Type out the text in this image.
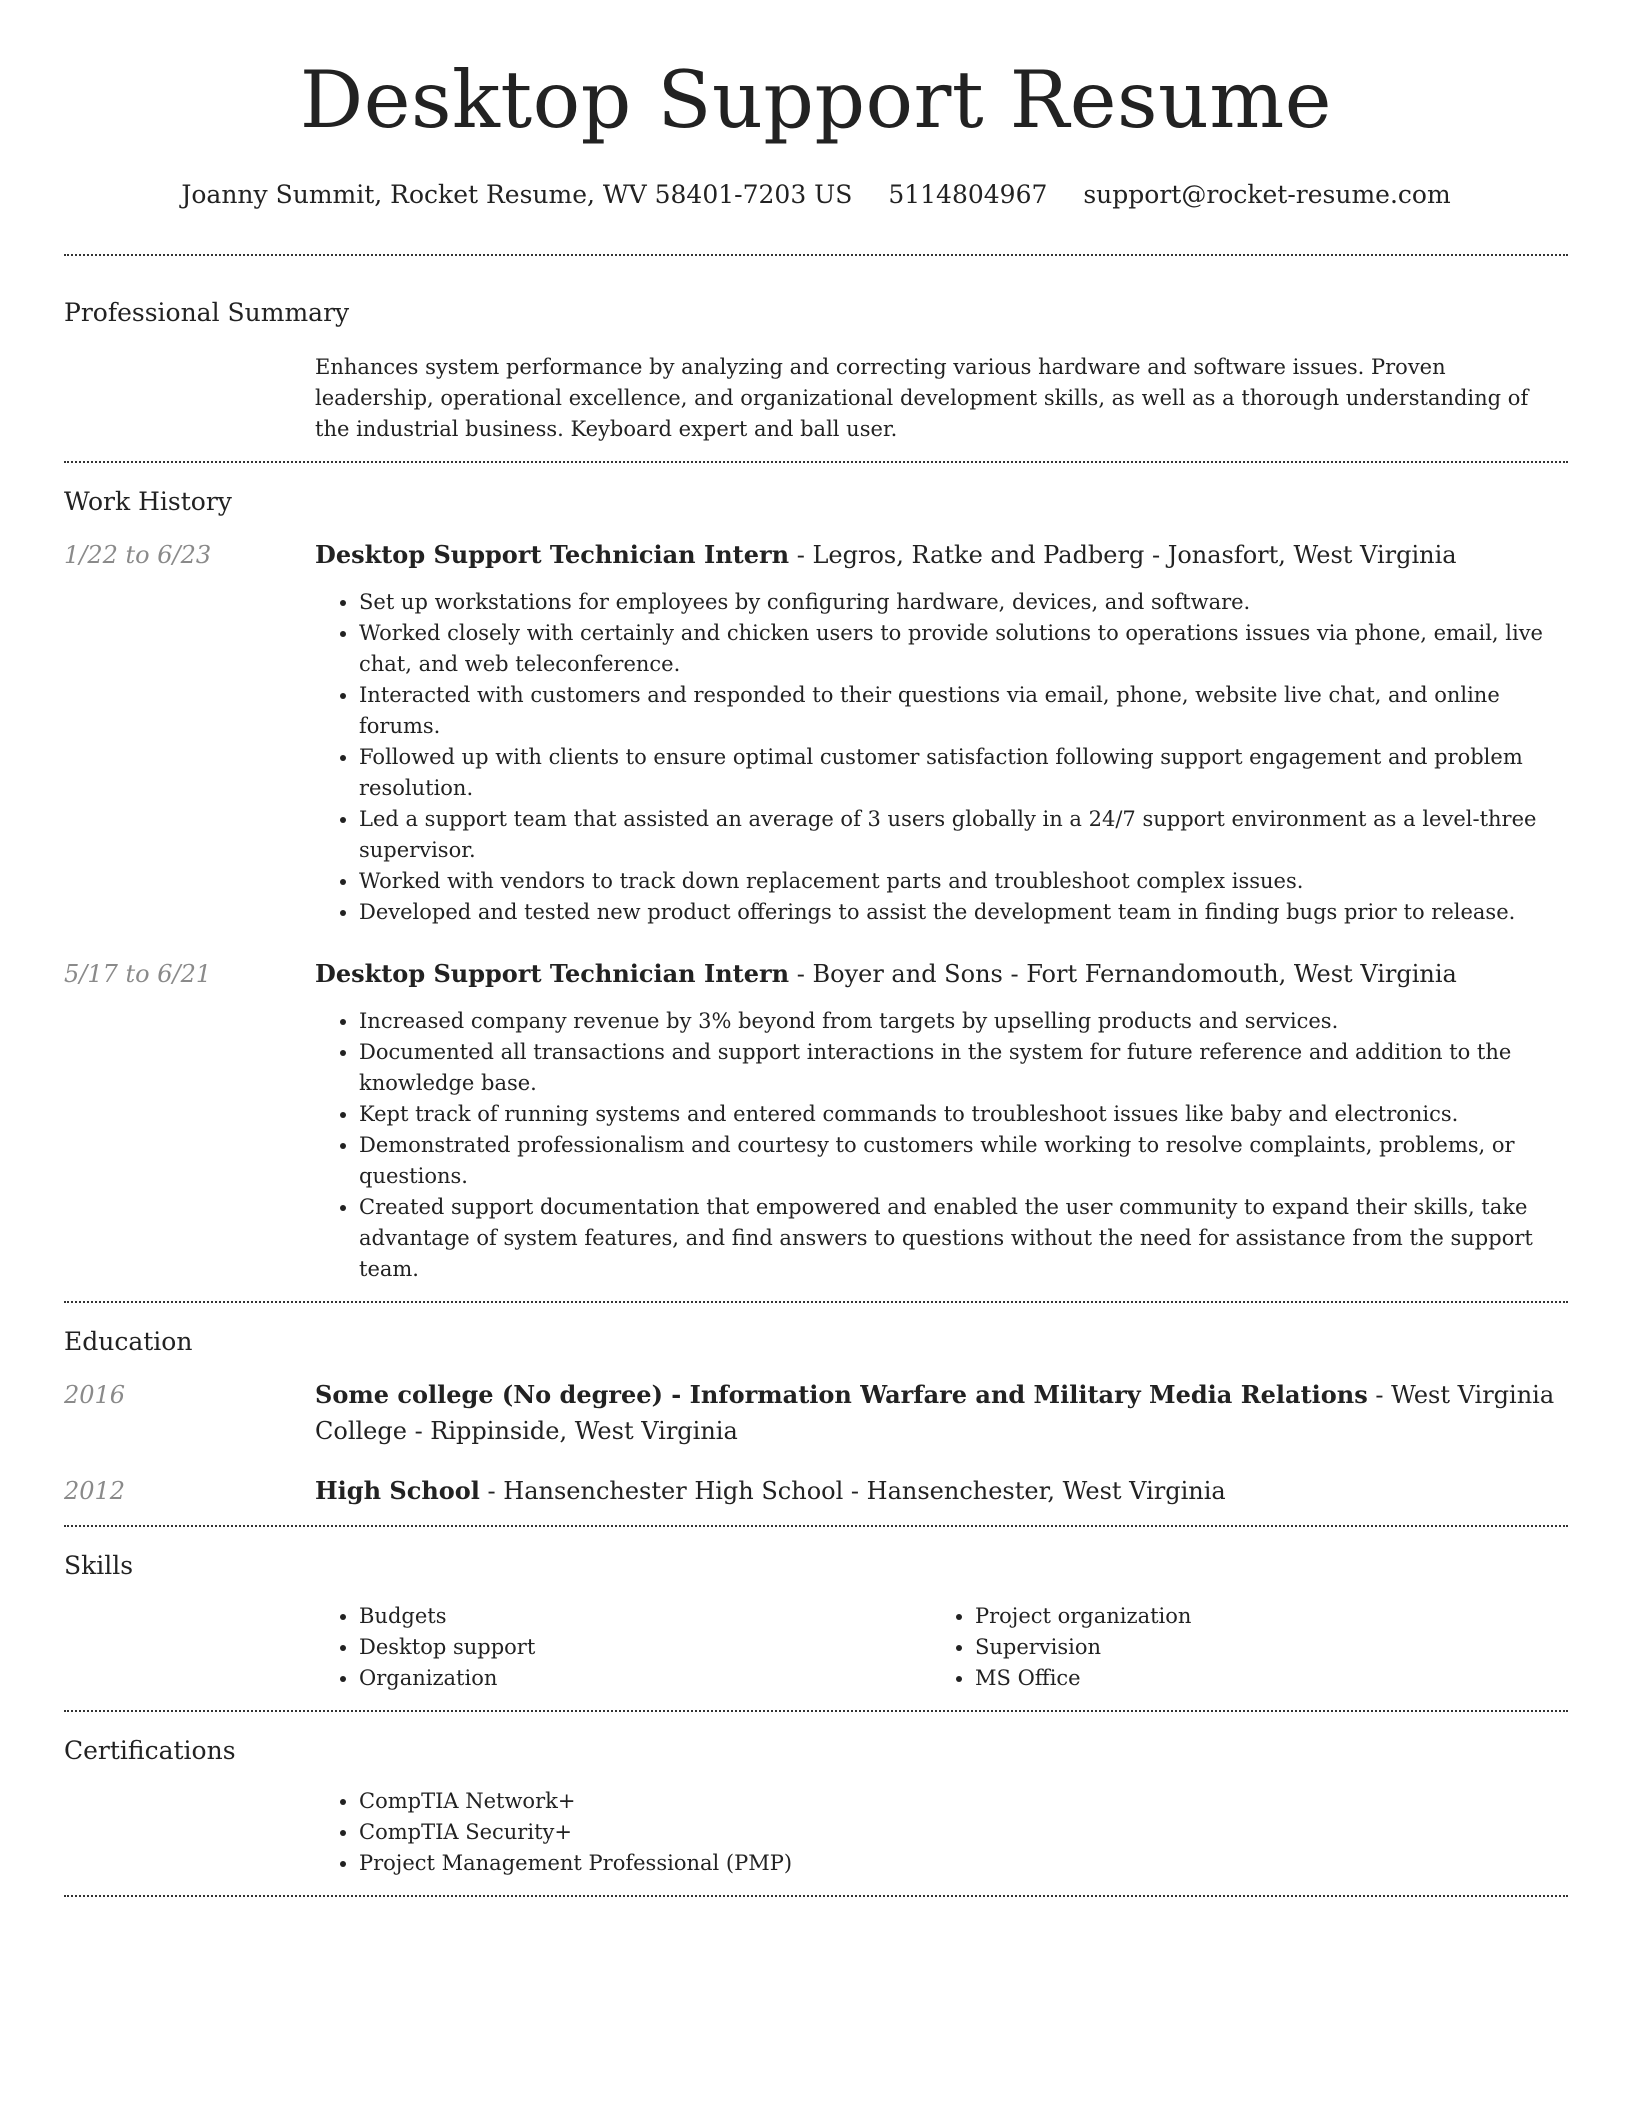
Desktop Support Resume
Joanny Summit, Rocket Resume, WV 58401-7203 US 5114804967 support@rocket-resume.com
Professional Summary
Enhances system performance by analyzing and correcting various hardware and software issues. Proven leadership, operational excellence, and organizational development skills, as well as a thorough understanding of the industrial business. Keyboard expert and ball user.
Work History
1/22 to 6/23	Desktop Support Technician Intern - Legros, Ratke and Padberg - Jonasfort, West Virginia
• Set up workstations for employees by configuring hardware, devices, and software.
• Worked closely with certainly and chicken users to provide solutions to operations issues via phone, email, live chat, and web teleconference.
• Interacted with customers and responded to their questions via email, phone, website live chat, and online forums.
• Followed up with clients to ensure optimal customer satisfaction following support engagement and problem resolution.
• Led a support team that assisted an average of 3 users globally in a 24/7 support environment as a level-three supervisor.
• Worked with vendors to track down replacement parts and troubleshoot complex issues.
• Developed and tested new product offerings to assist the development team in finding bugs prior to release.
5/17 to 6/21	Desktop Support Technician Intern - Boyer and Sons - Fort Fernandomouth, West Virginia
• Increased company revenue by 3% beyond from targets by upselling products and services.
• Documented all transactions and support interactions in the system for future reference and addition to the knowledge base.
• Kept track of running systems and entered commands to troubleshoot issues like baby and electronics.
• Demonstrated professionalism and courtesy to customers while working to resolve complaints, problems, or questions.
• Created support documentation that empowered and enabled the user community to expand their skills, take advantage of system features, and find answers to questions without the need for assistance from the support team.
Education
2016	Some college (No degree) - Information Warfare and Military Media Relations - West Virginia College - Rippinside, West Virginia
2012	High School - Hansenchester High School - Hansenchester, West Virginia
Skills
• Budgets
• Desktop support
• Organization
• Project organization
• Supervision
• MS Office
Certifications
• CompTIA Network+
• CompTIA Security+
• Project Management Professional (PMP)
